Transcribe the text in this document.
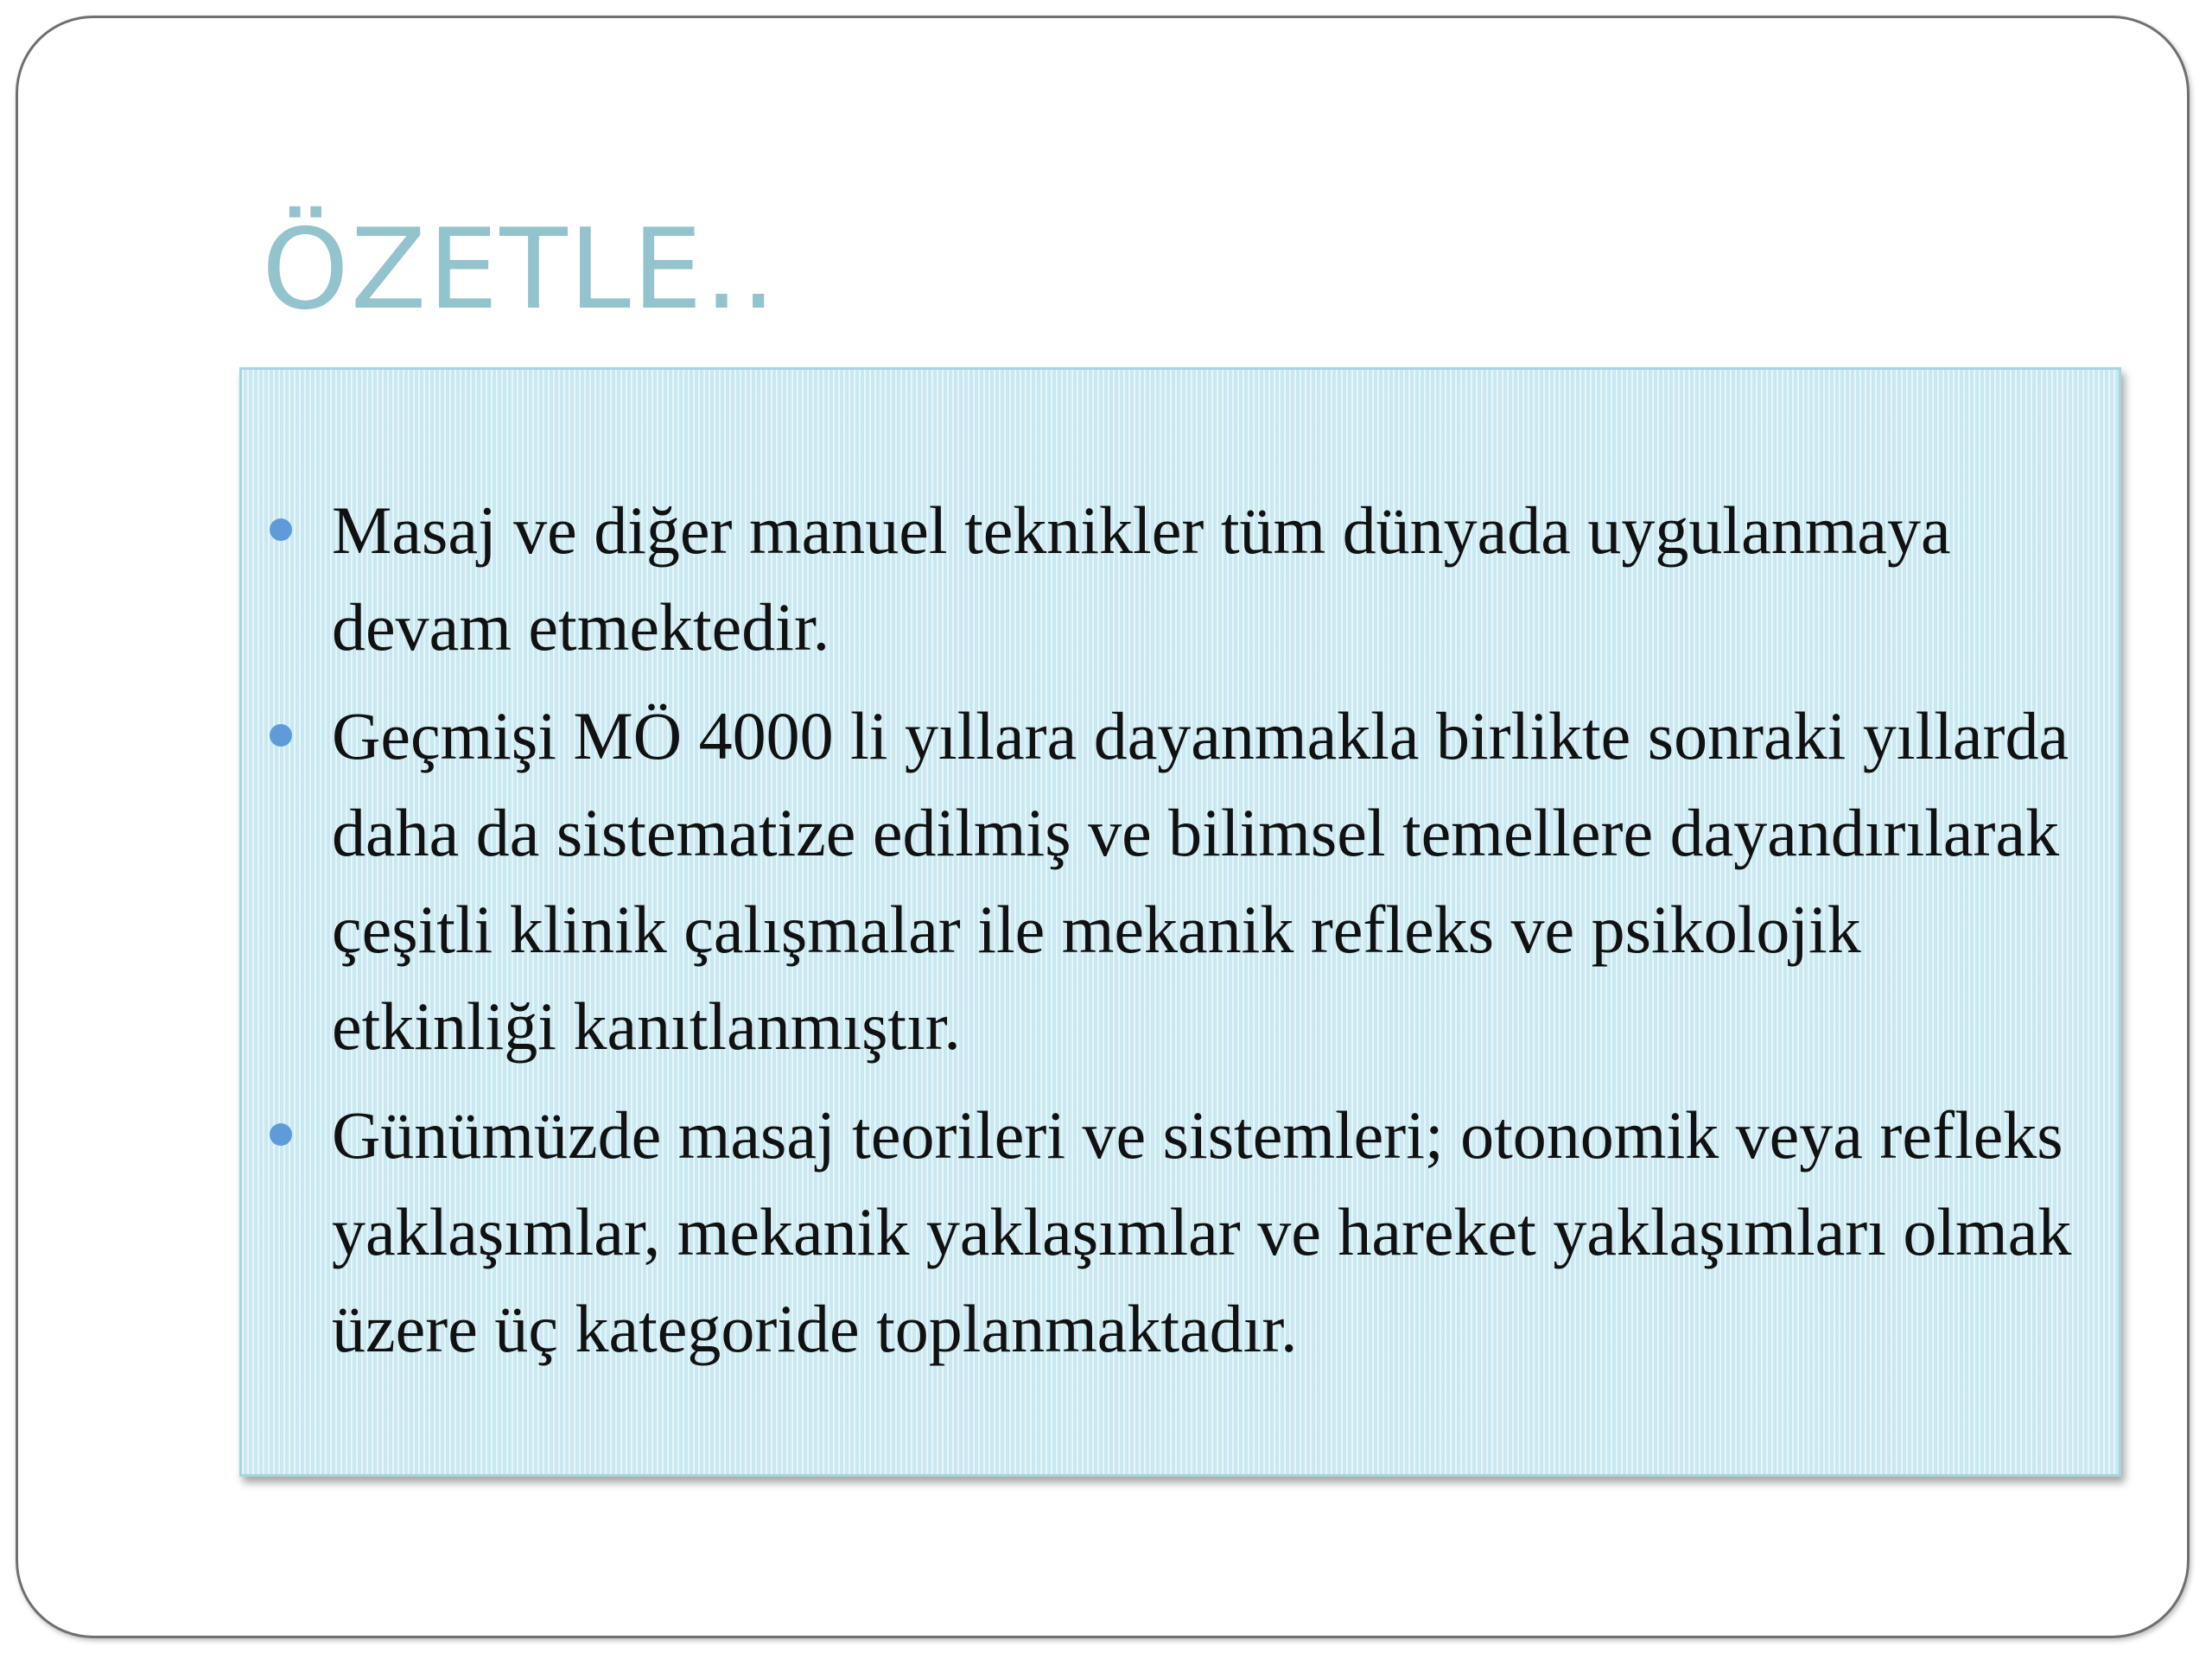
ÖZETLE..
Masaj ve diğer manuel teknikler tüm dünyada uygulanmaya devam etmektedir.
Geçmişi MÖ 4000 li yıllara dayanmakla birlikte sonraki yıllarda daha da sistematize edilmiş ve bilimsel temellere dayandırılarak çeşitli klinik çalışmalar ile mekanik refleks ve psikolojik etkinliği kanıtlanmıştır.
Günümüzde masaj teorileri ve sistemleri; otonomik veya refleks yaklaşımlar, mekanik yaklaşımlar ve hareket yaklaşımları olmak üzere üç kategoride toplanmaktadır.
